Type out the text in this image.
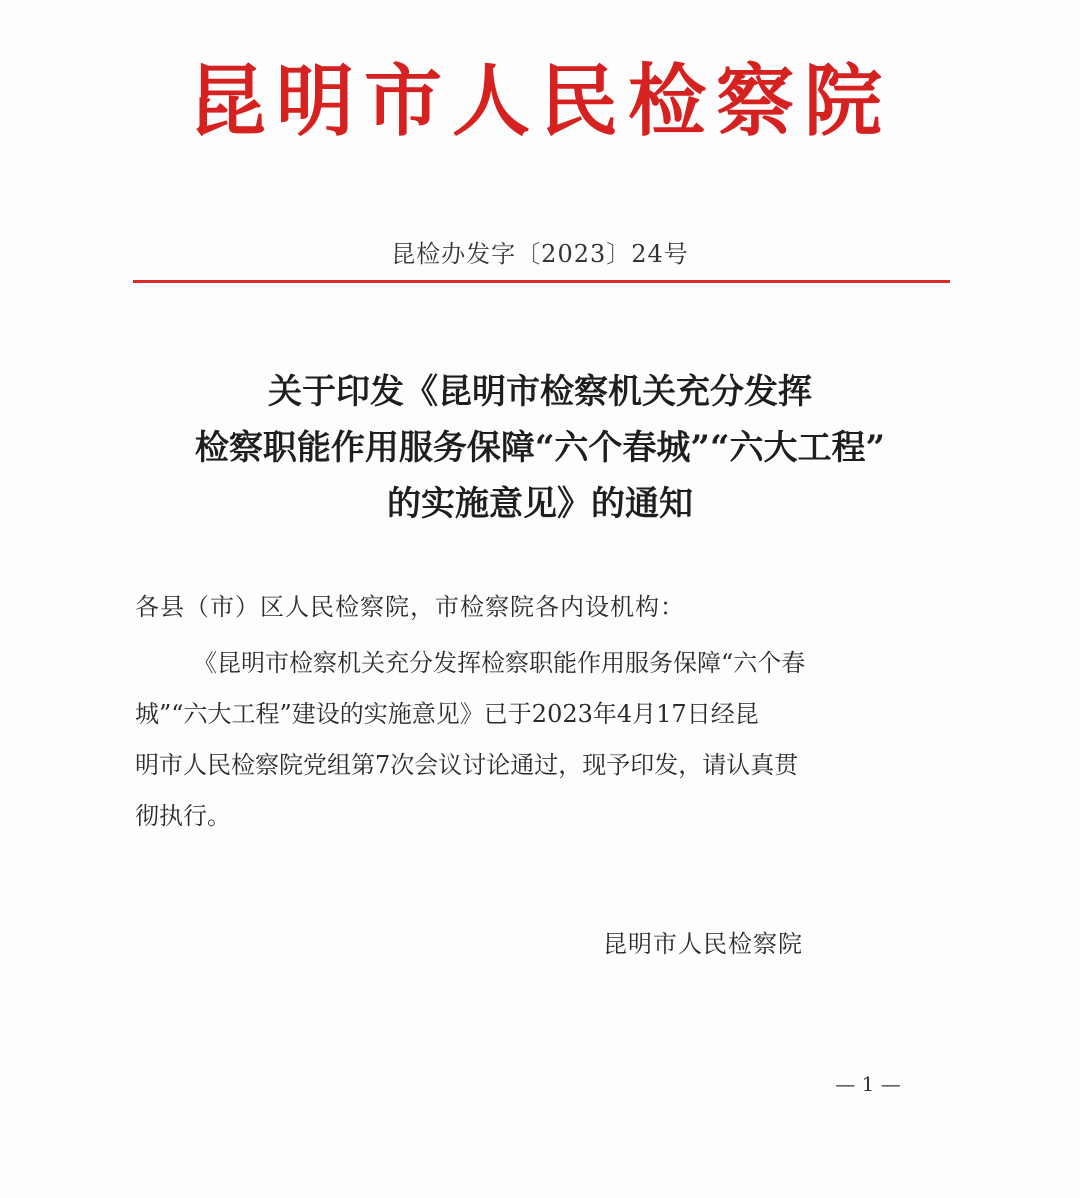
昆明市人民检察院
昆检办发字〔2023〕24号
关于印发《昆明市检察机关充分发挥
检察职能作用服务保障“六个春城”“六大工程”
的实施意见》的通知
各县（市）区人民检察院，市检察院各内设机构：
《昆明市检察机关充分发挥检察职能作用服务保障“六个春
城”“六大工程”建设的实施意见》已于2023年4月17日经昆
明市人民检察院党组第7次会议讨论通过，现予印发，请认真贯
彻执行。
昆明市人民检察院
— 1 —
